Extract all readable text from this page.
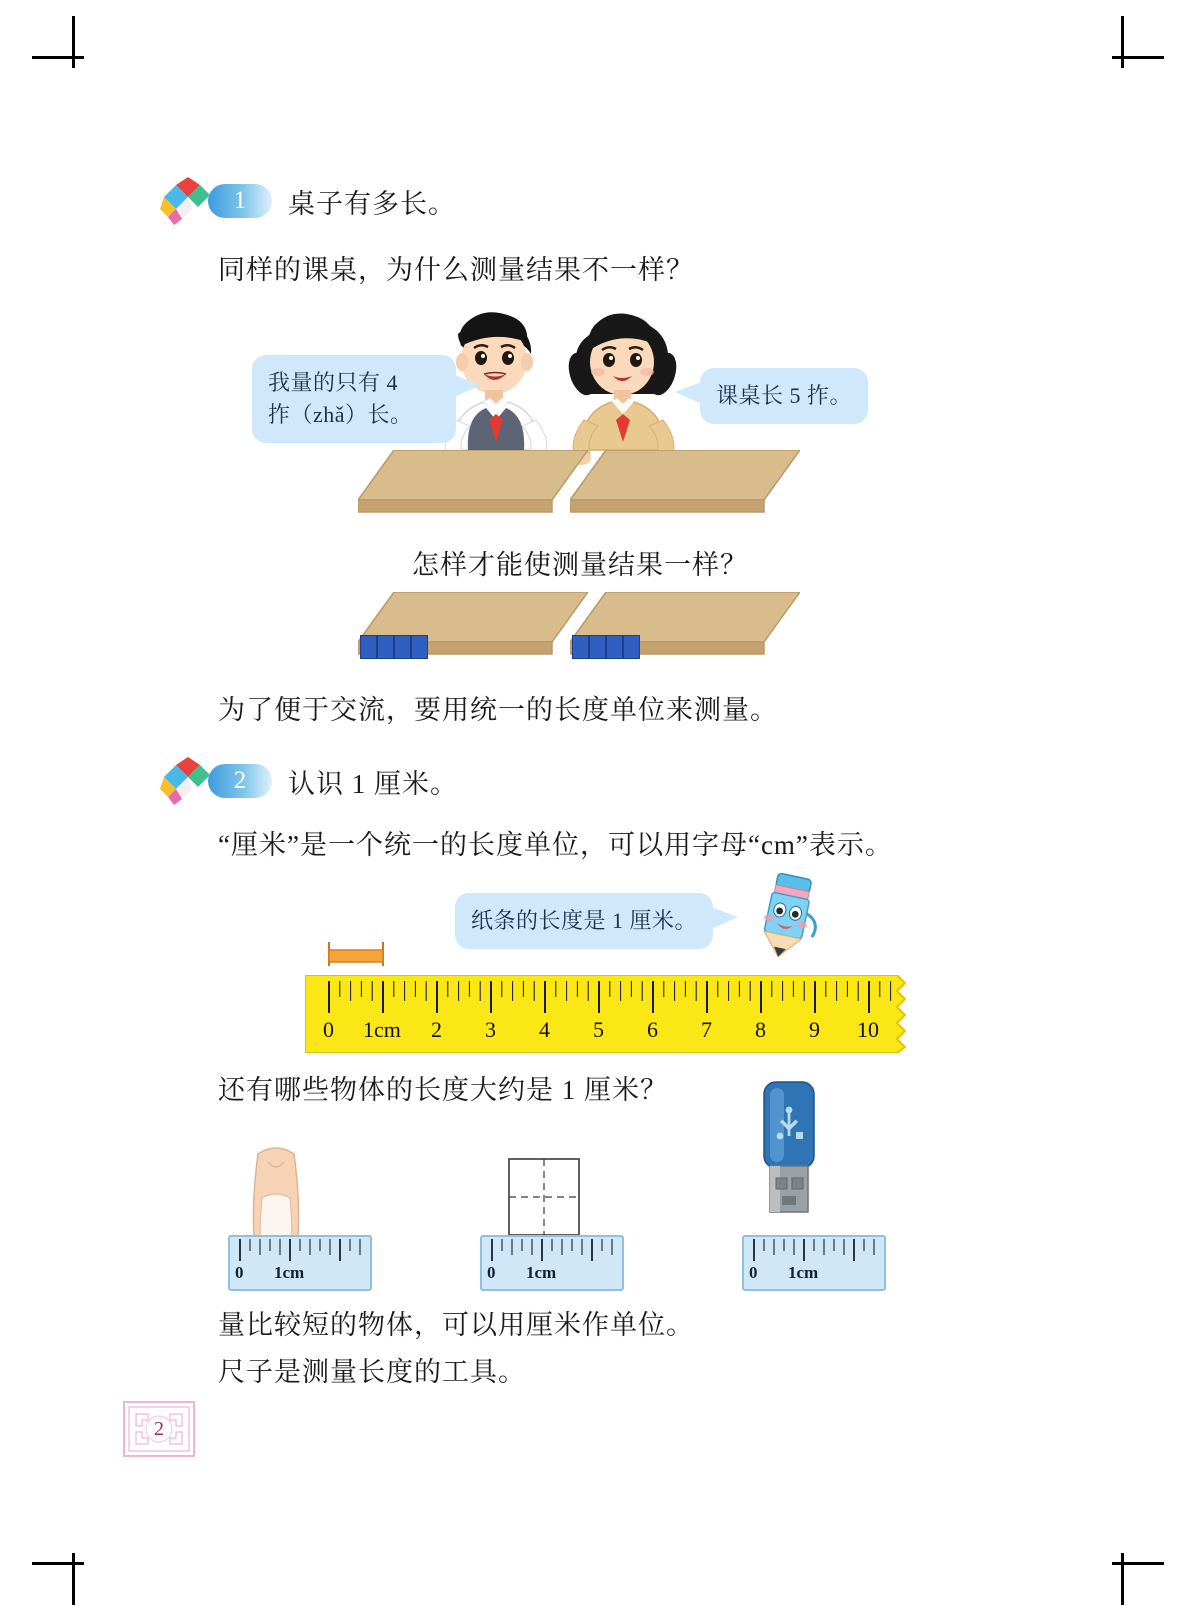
1	桌子有多长。
同样的课桌，为什么测量结果不一样？
我量的只有 4
拃（zhǎ）长。
课桌长 5 拃。
怎样才能使测量结果一样？
为了便于交流，要用统一的长度单位来测量。
2	认识 1 厘米。
“厘米”是一个统一的长度单位，可以用字母“cm”表示。
纸条的长度是 1 厘米。
0 1cm 2 3 4 5 6 7 8 9 10
还有哪些物体的长度大约是 1 厘米？
0 1cm	0 1cm	0 1cm
量比较短的物体，可以用厘米作单位。
尺子是测量长度的工具。
2
